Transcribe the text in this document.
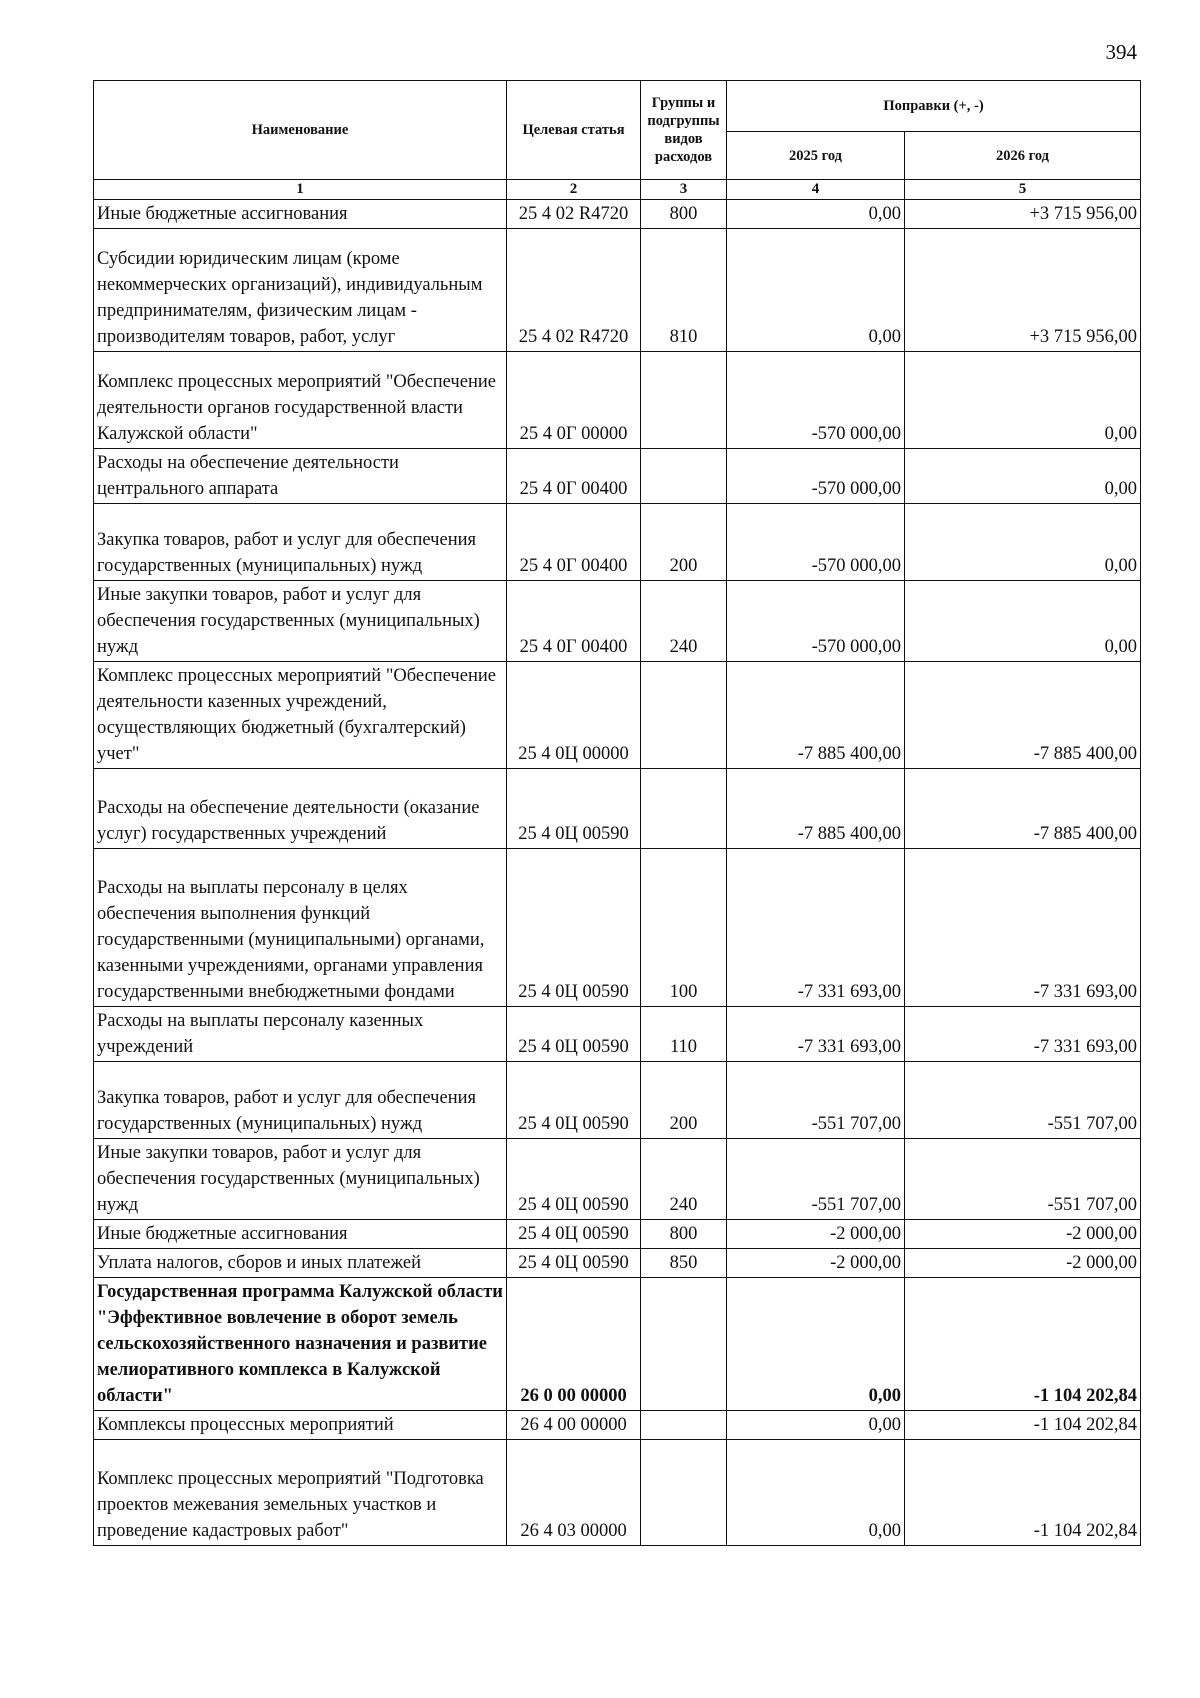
394
Наименование	Целевая статья	Группы и подгруппы видов расходов	Поправки (+, -)	
			2025 год	2026 год
1	2	3	4	5
Иные бюджетные ассигнования	25 4 02 R4720	800	0,00	+3 715 956,00
Субсидии юридическим лицам (кроме некоммерческих организаций), индивидуальным предпринимателям, физическим лицам - производителям товаров, работ, услуг	25 4 02 R4720	810	0,00	+3 715 956,00
Комплекс процессных мероприятий "Обеспечение деятельности органов государственной власти Калужской области"	25 4 0Г 00000		-570 000,00	0,00
Расходы на обеспечение деятельности центрального аппарата	25 4 0Г 00400		-570 000,00	0,00
Закупка товаров, работ и услуг для обеспечения государственных (муниципальных) нужд	25 4 0Г 00400	200	-570 000,00	0,00
Иные закупки товаров, работ и услуг для обеспечения государственных (муниципальных) нужд	25 4 0Г 00400	240	-570 000,00	0,00
Комплекс процессных мероприятий "Обеспечение деятельности казенных учреждений, осуществляющих бюджетный (бухгалтерский) учет"	25 4 0Ц 00000		-7 885 400,00	-7 885 400,00
Расходы на обеспечение деятельности (оказание услуг) государственных учреждений	25 4 0Ц 00590		-7 885 400,00	-7 885 400,00
Расходы на выплаты персоналу в целях обеспечения выполнения функций государственными (муниципальными) органами, казенными учреждениями, органами управления государственными внебюджетными фондами	25 4 0Ц 00590	100	-7 331 693,00	-7 331 693,00
Расходы на выплаты персоналу казенных учреждений	25 4 0Ц 00590	110	-7 331 693,00	-7 331 693,00
Закупка товаров, работ и услуг для обеспечения государственных (муниципальных) нужд	25 4 0Ц 00590	200	-551 707,00	-551 707,00
Иные закупки товаров, работ и услуг для обеспечения государственных (муниципальных) нужд	25 4 0Ц 00590	240	-551 707,00	-551 707,00
Иные бюджетные ассигнования	25 4 0Ц 00590	800	-2 000,00	-2 000,00
Уплата налогов, сборов и иных платежей	25 4 0Ц 00590	850	-2 000,00	-2 000,00
Государственная программа Калужской области "Эффективное вовлечение в оборот земель сельскохозяйственного назначения и развитие мелиоративного комплекса в Калужской области"	26 0 00 00000		0,00	-1 104 202,84
Комплексы процессных мероприятий	26 4 00 00000		0,00	-1 104 202,84
Комплекс процессных мероприятий "Подготовка проектов межевания земельных участков и проведение кадастровых работ"	26 4 03 00000		0,00	-1 104 202,84
